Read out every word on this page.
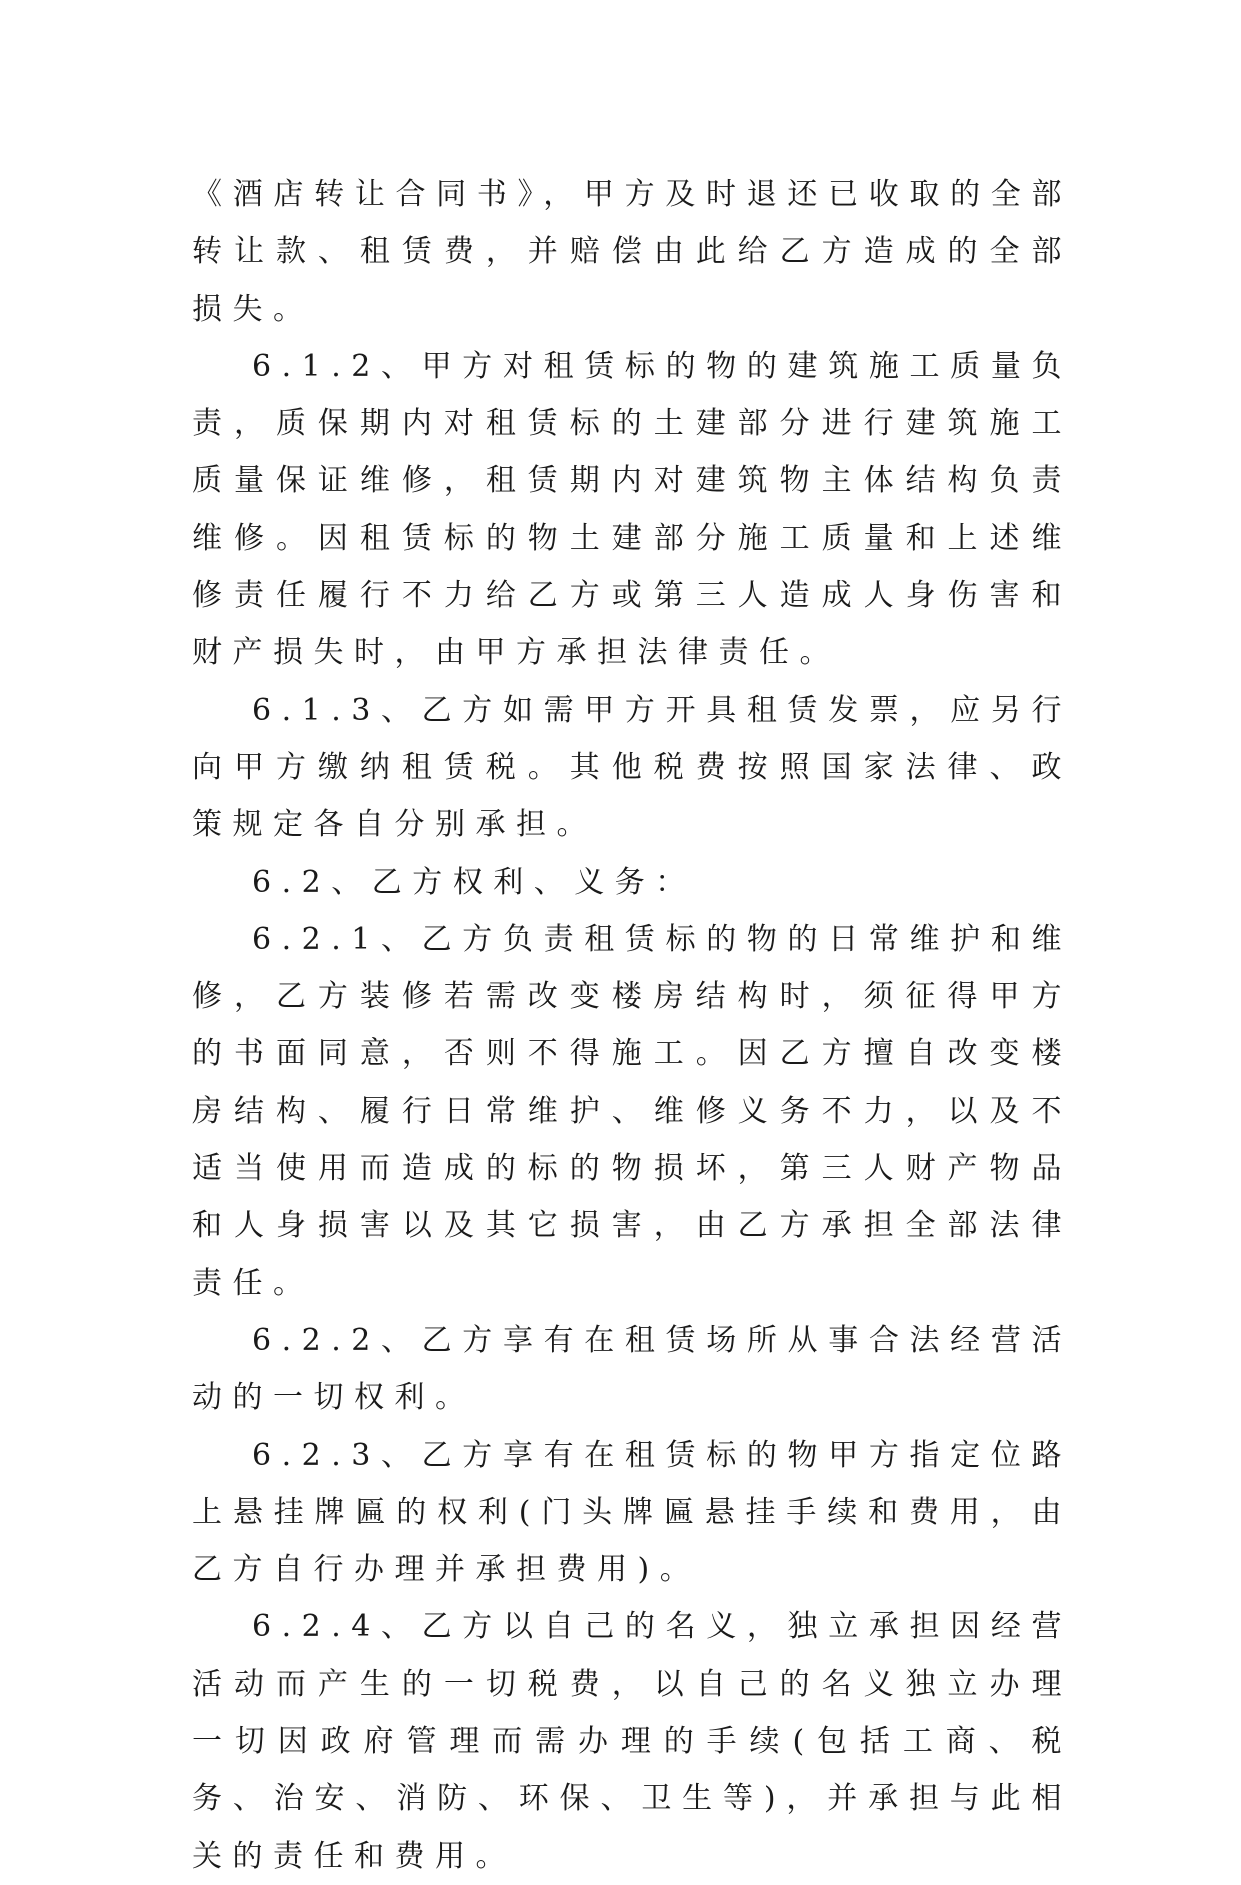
《酒店转让合同书》，甲方及时退还已收取的全部转让款、租赁费，并赔偿由此给乙方造成的全部损失。

6.1.2、甲方对租赁标的物的建筑施工质量负责，质保期内对租赁标的土建部分进行建筑施工质量保证维修，租赁期内对建筑物主体结构负责维修。因租赁标的物土建部分施工质量和上述维修责任履行不力给乙方或第三人造成人身伤害和财产损失时，由甲方承担法律责任。

6.1.3、乙方如需甲方开具租赁发票，应另行向甲方缴纳租赁税。其他税费按照国家法律、政策规定各自分别承担。

6.2、乙方权利、义务：

6.2.1、乙方负责租赁标的物的日常维护和维修，乙方装修若需改变楼房结构时，须征得甲方的书面同意，否则不得施工。因乙方擅自改变楼房结构、履行日常维护、维修义务不力，以及不适当使用而造成的标的物损坏，第三人财产物品和人身损害以及其它损害，由乙方承担全部法律责任。

6.2.2、乙方享有在租赁场所从事合法经营活动的一切权利。

6.2.3、乙方享有在租赁标的物甲方指定位路上悬挂牌匾的权利(门头牌匾悬挂手续和费用，由乙方自行办理并承担费用)。

6.2.4、乙方以自己的名义，独立承担因经营活动而产生的一切税费，以自己的名义独立办理一切因政府管理而需办理的手续(包括工商、税务、治安、消防、环保、卫生等)，并承担与此相关的责任和费用。
